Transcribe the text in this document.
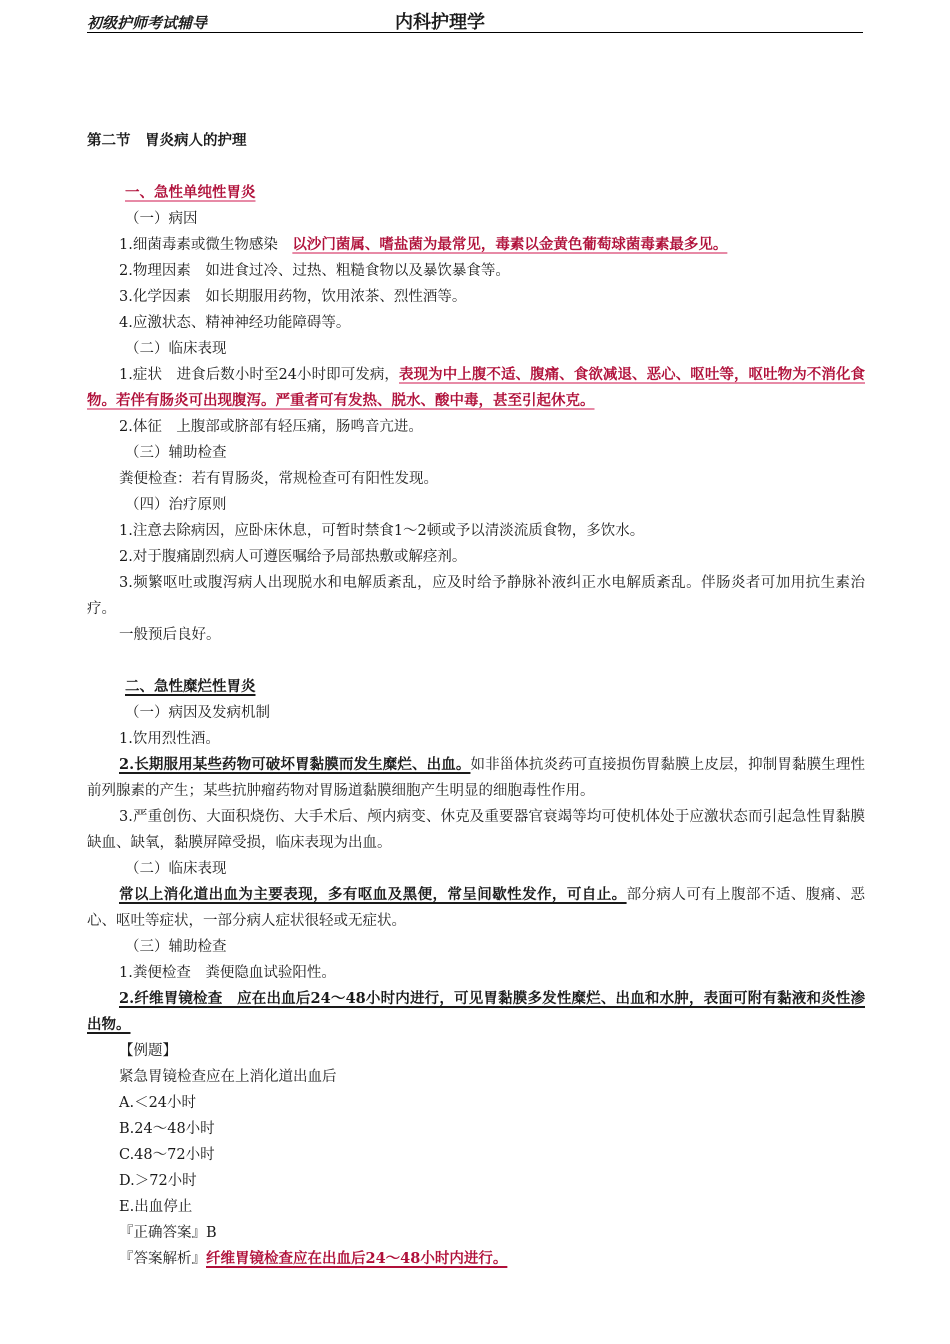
初级护师考试辅导	内科护理学
第二节　胃炎病人的护理
一、急性单纯性胃炎
（一）病因
1.细菌毒素或微生物感染　以沙门菌属、嗜盐菌为最常见，毒素以金黄色葡萄球菌毒素最多见。
2.物理因素　如进食过冷、过热、粗糙食物以及暴饮暴食等。
3.化学因素　如长期服用药物，饮用浓茶、烈性酒等。
4.应激状态、精神神经功能障碍等。
（二）临床表现
1.症状　进食后数小时至24小时即可发病，表现为中上腹不适、腹痛、食欲减退、恶心、呕吐等，呕吐物为不消化食物。若伴有肠炎可出现腹泻。严重者可有发热、脱水、酸中毒，甚至引起休克。
2.体征　上腹部或脐部有轻压痛，肠鸣音亢进。
（三）辅助检查
粪便检查：若有胃肠炎，常规检查可有阳性发现。
（四）治疗原则
1.注意去除病因，应卧床休息，可暂时禁食1～2顿或予以清淡流质食物，多饮水。
2.对于腹痛剧烈病人可遵医嘱给予局部热敷或解痉剂。
3.频繁呕吐或腹泻病人出现脱水和电解质紊乱，应及时给予静脉补液纠正水电解质紊乱。伴肠炎者可加用抗生素治疗。
一般预后良好。
二、急性糜烂性胃炎
（一）病因及发病机制
1.饮用烈性酒。
2.长期服用某些药物可破坏胃黏膜而发生糜烂、出血。如非甾体抗炎药可直接损伤胃黏膜上皮层，抑制胃黏膜生理性前列腺素的产生；某些抗肿瘤药物对胃肠道黏膜细胞产生明显的细胞毒性作用。
3.严重创伤、大面积烧伤、大手术后、颅内病变、休克及重要器官衰竭等均可使机体处于应激状态而引起急性胃黏膜缺血、缺氧，黏膜屏障受损，临床表现为出血。
（二）临床表现
常以上消化道出血为主要表现，多有呕血及黑便，常呈间歇性发作，可自止。部分病人可有上腹部不适、腹痛、恶心、呕吐等症状，一部分病人症状很轻或无症状。
（三）辅助检查
1.粪便检查　粪便隐血试验阳性。
2.纤维胃镜检查　应在出血后24～48小时内进行，可见胃黏膜多发性糜烂、出血和水肿，表面可附有黏液和炎性渗出物。
【例题】
紧急胃镜检查应在上消化道出血后
A.＜24小时
B.24～48小时
C.48～72小时
D.＞72小时
E.出血停止
『正确答案』B
『答案解析』纤维胃镜检查应在出血后24～48小时内进行。
